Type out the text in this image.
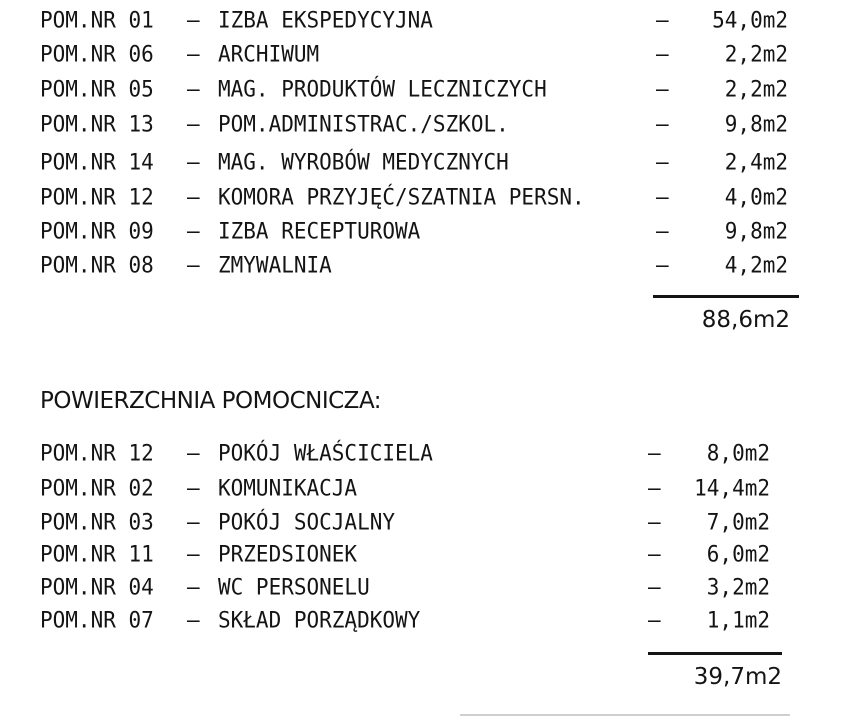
POM.NR 01 – IZBA EKSPEDYCYJNA	– 54,0m2
POM.NR 06 – ARCHIWUM	–	2,2m2
POM.NR 05 – MAG. PRODUKTÓW LECZNICZYCH	–	2,2m2
POM.NR 13 – POM.ADMINISTRAC./SZKOL.	–	9,8m2
POM.NR 14 – MAG. WYROBÓW MEDYCZNYCH	–	2,4m2
POM.NR 12 – KOMORA PRZYJĘĆ/SZATNIA PERSN.	–	4,0m2
POM.NR 09 – IZBA RECEPTUROWA	–	9,8m2
POM.NR 08 – ZMYWALNIA	–	4,2m2
88,6m2
POWIERZCHNIA POMOCNICZA:
POM.NR 12 – POKÓJ WŁAŚCICIELA	– 8,0m2
POM.NR 02 – KOMUNIKACJA	– 14,4m2
POM.NR 03 – POKÓJ SOCJALNY	– 7,0m2
POM.NR 11 – PRZEDSIONEK	– 6,0m2
POM.NR 04 – WC PERSONELU	– 3,2m2
POM.NR 07 – SKŁAD PORZĄDKOWY	– 1,1m2
39,7m2
